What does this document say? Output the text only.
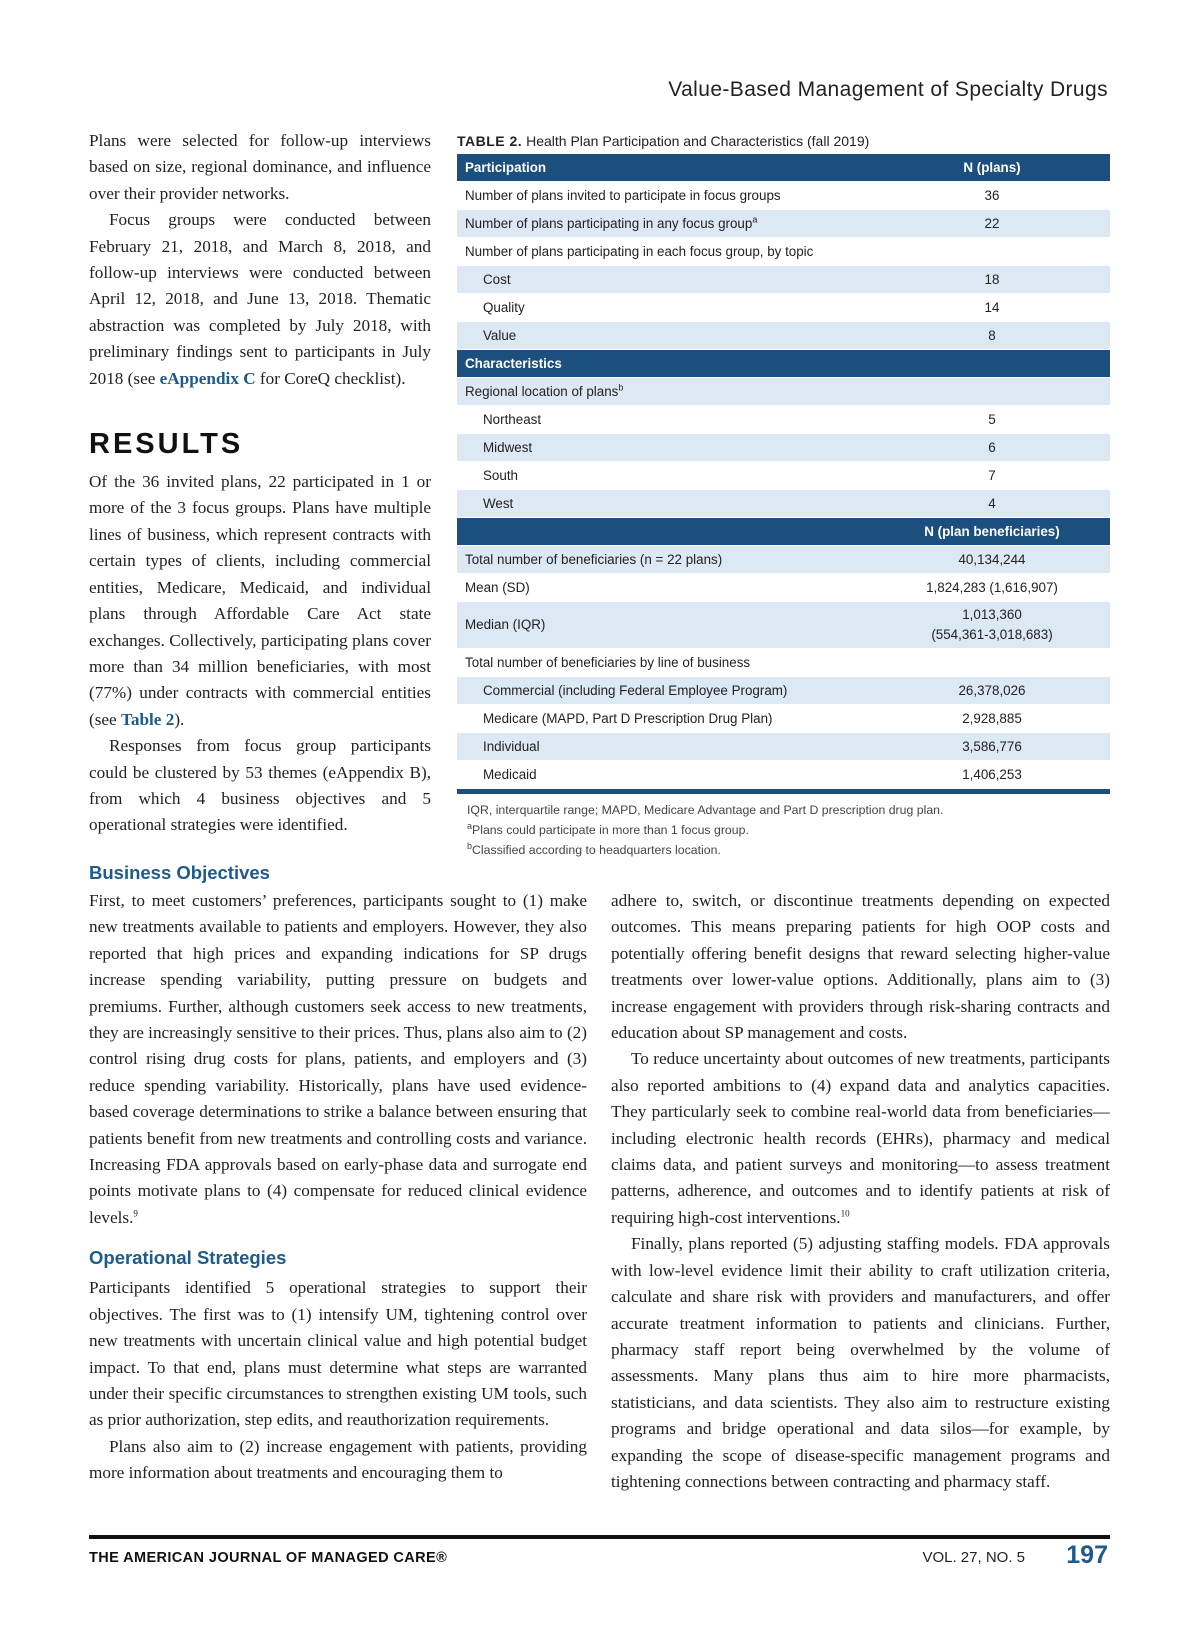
Value-Based Management of Specialty Drugs

Plans were selected for follow-up interviews based on size, regional dominance, and influence over their provider networks.

Focus groups were conducted between February 21, 2018, and March 8, 2018, and follow-up interviews were conducted between April 12, 2018, and June 13, 2018. Thematic abstraction was completed by July 2018, with preliminary findings sent to participants in July 2018 (see eAppendix C for CoreQ checklist).

RESULTS

Of the 36 invited plans, 22 participated in 1 or more of the 3 focus groups. Plans have multiple lines of business, which represent contracts with certain types of clients, including commercial entities, Medicare, Medicaid, and individual plans through Affordable Care Act state exchanges. Collectively, participating plans cover more than 34 million beneficiaries, with most (77%) under contracts with commercial entities (see Table 2).

Responses from focus group participants could be clustered by 53 themes (eAppendix B), from which 4 business objectives and 5 operational strategies were identified.

TABLE 2. Health Plan Participation and Characteristics (fall 2019)
Participation	N (plans)
Number of plans invited to participate in focus groups	36
Number of plans participating in any focus group$^a$	22
Number of plans participating in each focus group, by topic	
Cost	18
Quality	14
Value	8
Characteristics	
Regional location of plans$^b$	
Northeast	5
Midwest	6
South	7
West	4
	N (plan beneficiaries)
Total number of beneficiaries (n = 22 plans)	40,134,244
Mean (SD)	1,824,283 (1,616,907)
Median (IQR)	1,013,360
(554,361-3,018,683)
Total number of beneficiaries by line of business	
Commercial (including Federal Employee Program)	26,378,026
Medicare (MAPD, Part D Prescription Drug Plan)	2,928,885
Individual	3,586,776
Medicaid	1,406,253
IQR, interquartile range; MAPD, Medicare Advantage and Part D prescription drug plan.
$^a$Plans could participate in more than 1 focus group.
$^b$Classified according to headquarters location.
Business Objectives

First, to meet customers’ preferences, participants sought to (1) make new treatments available to patients and employers. However, they also reported that high prices and expanding indications for SP drugs increase spending variability, putting pressure on budgets and premiums. Further, although customers seek access to new treatments, they are increasingly sensitive to their prices. Thus, plans also aim to (2) control rising drug costs for plans, patients, and employers and (3) reduce spending variability. Historically, plans have used evidence-based coverage determinations to strike a balance between ensuring that patients benefit from new treatments and controlling costs and variance. Increasing FDA approvals based on early-phase data and surrogate end points motivate plans to (4) compensate for reduced clinical evidence levels.$^9$

Operational Strategies

Participants identified 5 operational strategies to support their objectives. The first was to (1) intensify UM, tightening control over new treatments with uncertain clinical value and high potential budget impact. To that end, plans must determine what steps are warranted under their specific circumstances to strengthen existing UM tools, such as prior authorization, step edits, and reauthorization requirements.

Plans also aim to (2) increase engagement with patients, providing more information about treatments and encouraging them to

adhere to, switch, or discontinue treatments depending on expected outcomes. This means preparing patients for high OOP costs and potentially offering benefit designs that reward selecting higher-value treatments over lower-value options. Additionally, plans aim to (3) increase engagement with providers through risk-sharing contracts and education about SP management and costs.

To reduce uncertainty about outcomes of new treatments, participants also reported ambitions to (4) expand data and analytics capacities. They particularly seek to combine real-world data from beneficiaries—including electronic health records (EHRs), pharmacy and medical claims data, and patient surveys and monitoring—to assess treatment patterns, adherence, and outcomes and to identify patients at risk of requiring high-cost interventions.$^{10}$

Finally, plans reported (5) adjusting staffing models. FDA approvals with low-level evidence limit their ability to craft utilization criteria, calculate and share risk with providers and manufacturers, and offer accurate treatment information to patients and clinicians. Further, pharmacy staff report being overwhelmed by the volume of assessments. Many plans thus aim to hire more pharmacists, statisticians, and data scientists. They also aim to restructure existing programs and bridge operational and data silos—for example, by expanding the scope of disease-specific management programs and tightening connections between contracting and pharmacy staff.

THE AMERICAN JOURNAL OF MANAGED CARE®	VOL. 27, NO. 5 197
